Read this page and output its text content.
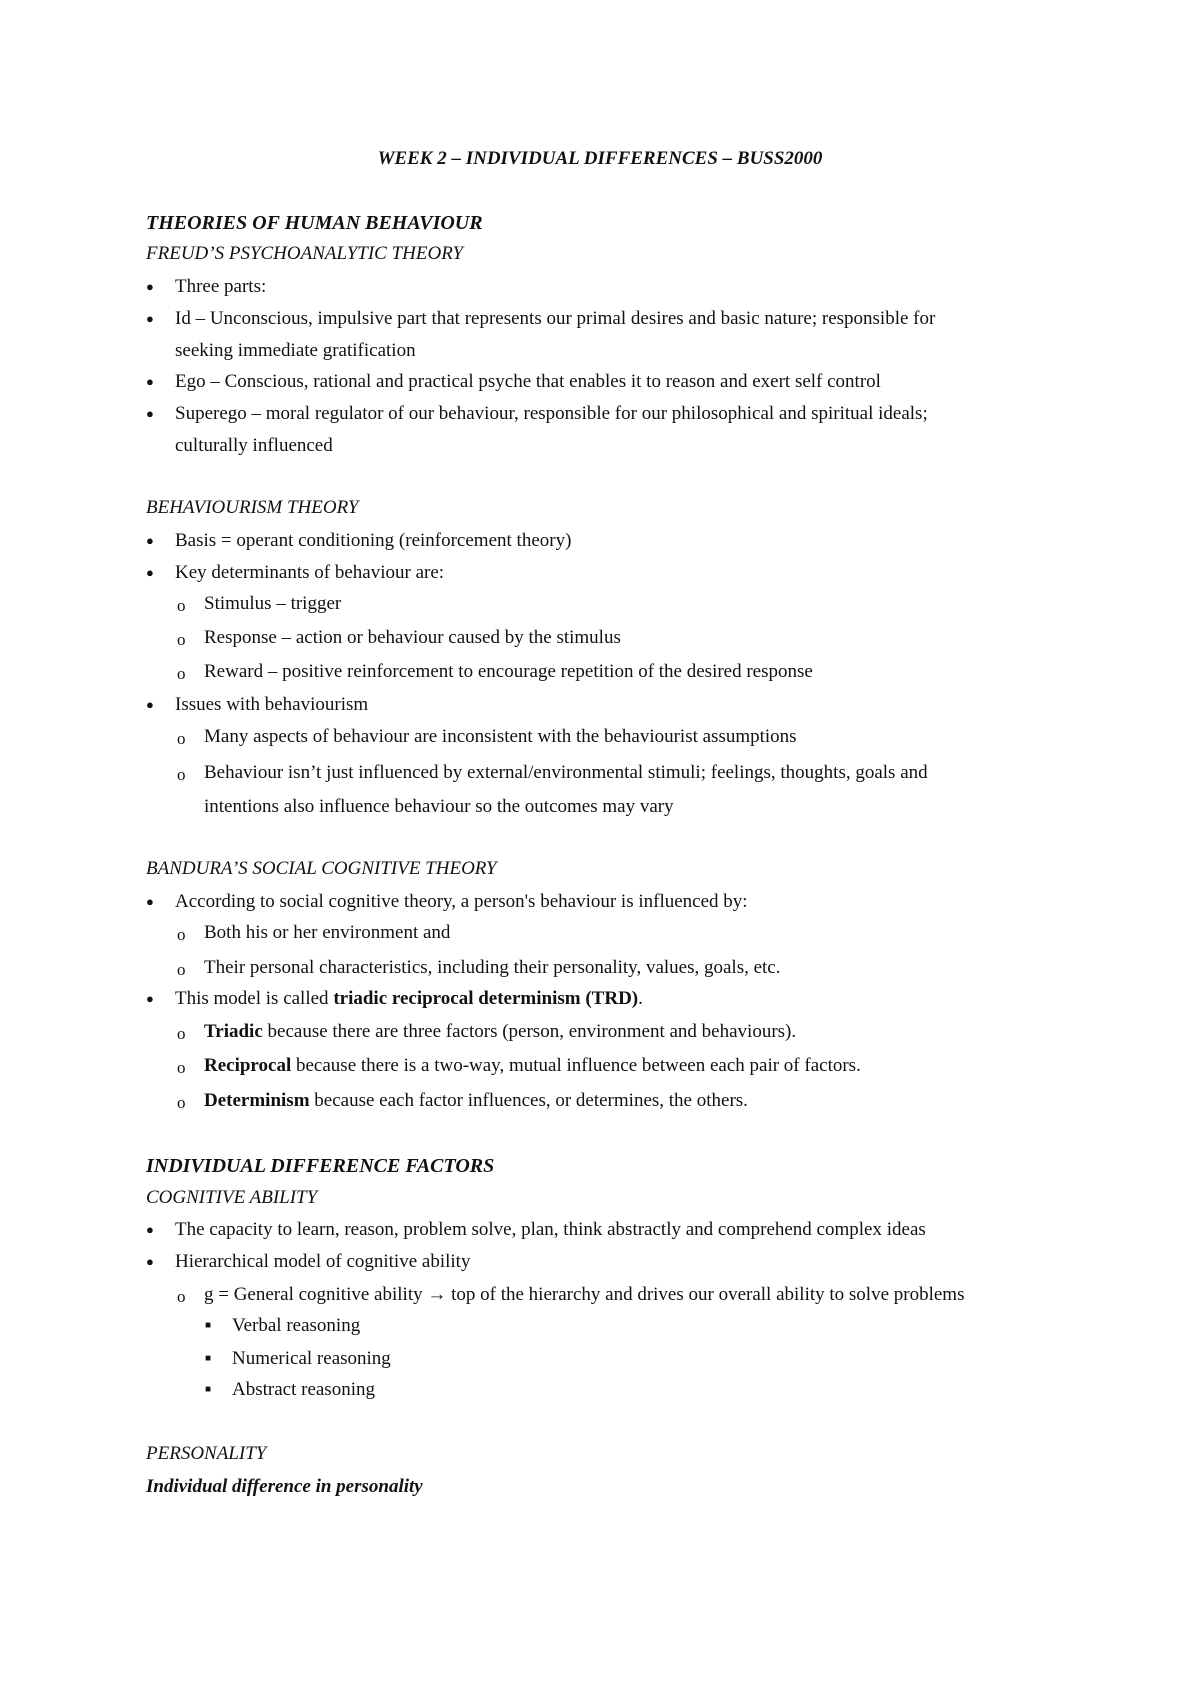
WEEK 2 – INDIVIDUAL DIFFERENCES – BUSS2000
THEORIES OF HUMAN BEHAVIOUR
FREUD’S PSYCHOANALYTIC THEORY
● Three parts:
● Id – Unconscious, impulsive part that represents our primal desires and basic nature; responsible for
seeking immediate gratification
● Ego – Conscious, rational and practical psyche that enables it to reason and exert self control
● Superego – moral regulator of our behaviour, responsible for our philosophical and spiritual ideals;
culturally influenced
BEHAVIOURISM THEORY
● Basis = operant conditioning (reinforcement theory)
● Key determinants of behaviour are:
o Stimulus – trigger
o Response – action or behaviour caused by the stimulus
o Reward – positive reinforcement to encourage repetition of the desired response
● Issues with behaviourism
o Many aspects of behaviour are inconsistent with the behaviourist assumptions
o Behaviour isn’t just influenced by external/environmental stimuli; feelings, thoughts, goals and
intentions also influence behaviour so the outcomes may vary
BANDURA’S SOCIAL COGNITIVE THEORY
● According to social cognitive theory, a person's behaviour is influenced by:
o Both his or her environment and
o Their personal characteristics, including their personality, values, goals, etc.
● This model is called triadic reciprocal determinism (TRD).
o Triadic because there are three factors (person, environment and behaviours).
o Reciprocal because there is a two-way, mutual influence between each pair of factors.
o Determinism because each factor influences, or determines, the others.
INDIVIDUAL DIFFERENCE FACTORS
COGNITIVE ABILITY
● The capacity to learn, reason, problem solve, plan, think abstractly and comprehend complex ideas
● Hierarchical model of cognitive ability
o g = General cognitive ability → top of the hierarchy and drives our overall ability to solve problems
■ Verbal reasoning
■ Numerical reasoning
■ Abstract reasoning
PERSONALITY
Individual difference in personality
